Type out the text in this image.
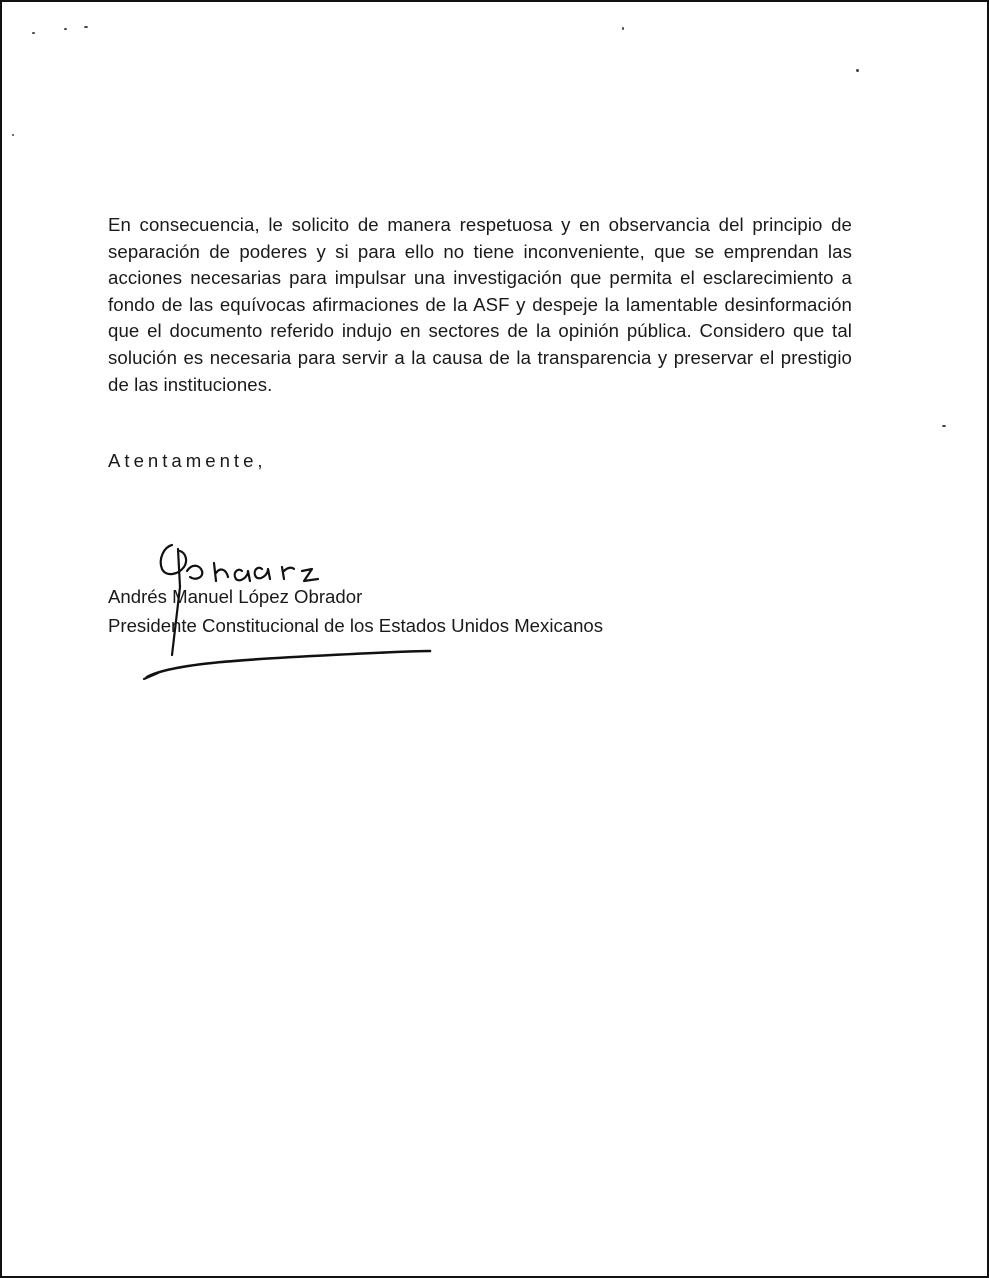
En consecuencia, le solicito de manera respetuosa y en observancia del principio de separación de poderes y si para ello no tiene inconveniente, que se emprendan las acciones necesarias para impulsar una investigación que permita el esclarecimiento a fondo de las equívocas afirmaciones de la ASF y despeje la lamentable desinformación que el documento referido indujo en sectores de la opinión pública. Considero que tal solución es necesaria para servir a la causa de la transparencia y preservar el prestigio de las instituciones.

Atentamente,

Andrés Manuel López Obrador

Presidente Constitucional de los Estados Unidos Mexicanos
